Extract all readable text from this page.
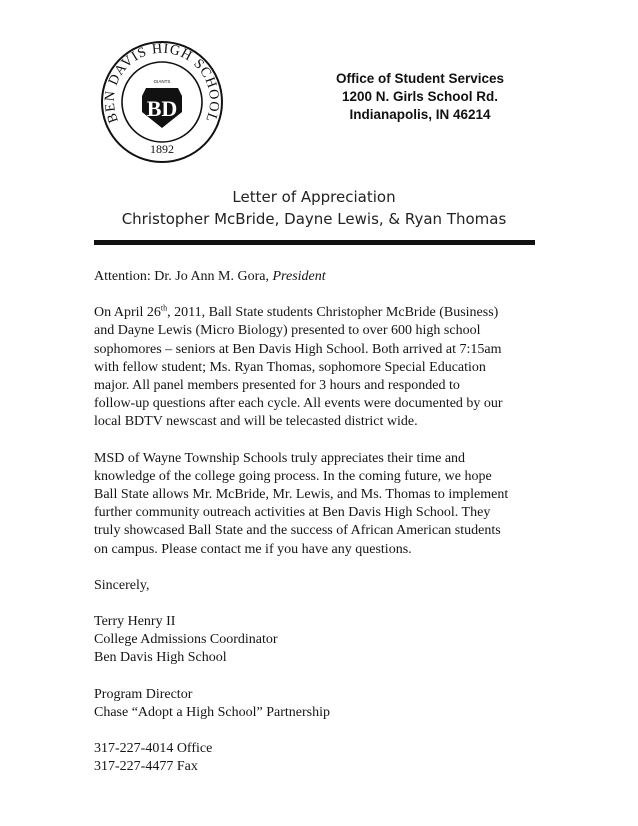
BEN DAVIS HIGH SCHOOL
1892
GIANTS
BD
Office of Student Services
1200 N. Girls School Rd.
Indianapolis, IN 46214
Letter of Appreciation
Christopher McBride, Dayne Lewis, & Ryan Thomas

Attention: Dr. Jo Ann M. Gora, President

On April 26th, 2011, Ball State students Christopher McBride (Business)
and Dayne Lewis (Micro Biology) presented to over 600 high school
sophomores – seniors at Ben Davis High School. Both arrived at 7:15am
with fellow student; Ms. Ryan Thomas, sophomore Special Education
major. All panel members presented for 3 hours and responded to
follow-up questions after each cycle. All events were documented by our
local BDTV newscast and will be telecasted district wide.

MSD of Wayne Township Schools truly appreciates their time and
knowledge of the college going process. In the coming future, we hope
Ball State allows Mr. McBride, Mr. Lewis, and Ms. Thomas to implement
further community outreach activities at Ben Davis High School. They
truly showcased Ball State and the success of African American students
on campus. Please contact me if you have any questions.

Sincerely,

Terry Henry II
College Admissions Coordinator
Ben Davis High School

Program Director
Chase “Adopt a High School” Partnership

317-227-4014 Office
317-227-4477 Fax
